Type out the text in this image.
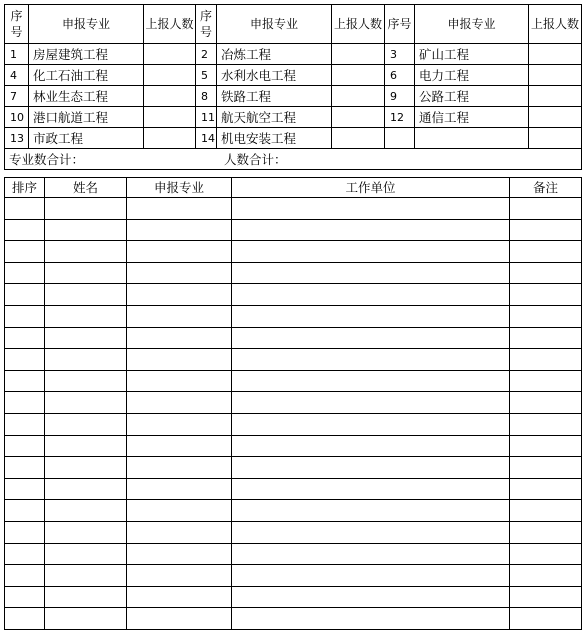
序号	申报专业	上报人数	序号	申报专业	上报人数	序号	申报专业	上报人数
1	房屋建筑工程		2	冶炼工程		3	矿山工程	
4	化工石油工程		5	水利水电工程		6	电力工程	
7	林业生态工程		8	铁路工程		9	公路工程	
10	港口航道工程		11	航天航空工程		12	通信工程	
13	市政工程		14	机电安装工程				
专业数合计： 人数合计：								
排序	姓名	申报专业	工作单位	备注
